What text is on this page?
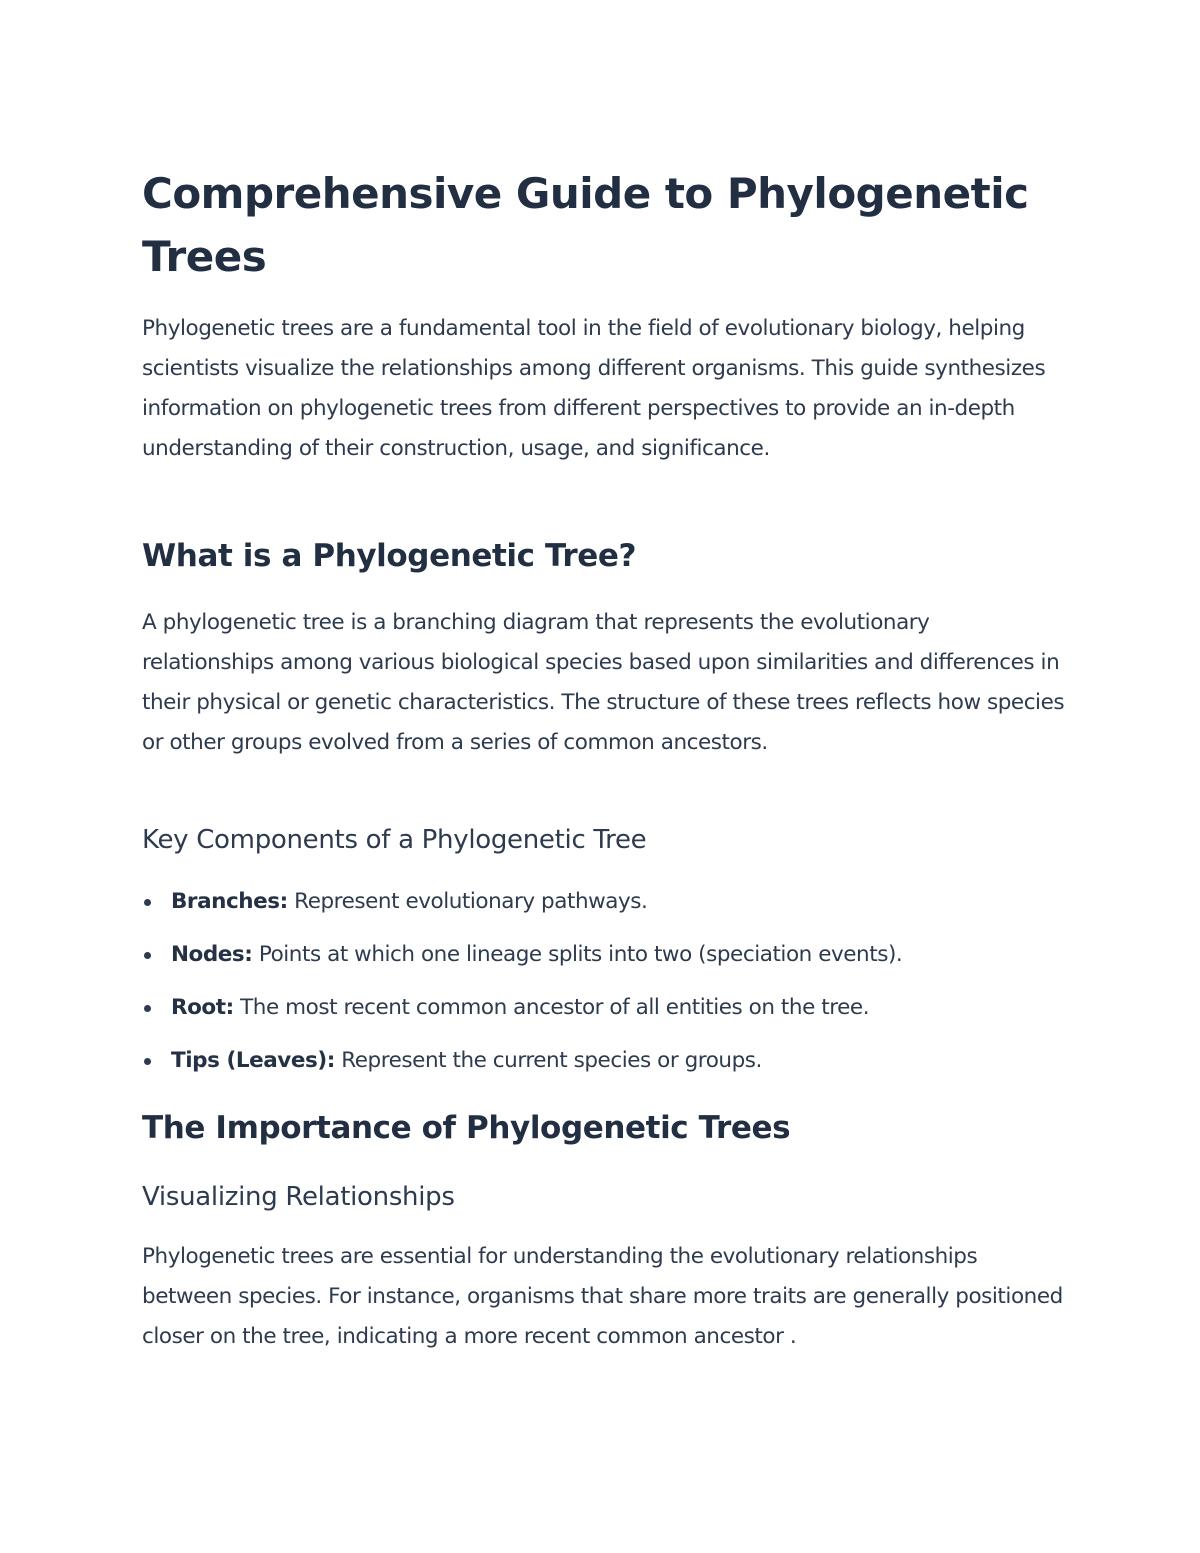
Comprehensive Guide to Phylogenetic Trees

Phylogenetic trees are a fundamental tool in the field of evolutionary biology, helping scientists visualize the relationships among different organisms. This guide synthesizes information on phylogenetic trees from different perspectives to provide an in-depth understanding of their construction, usage, and significance.

What is a Phylogenetic Tree?

A phylogenetic tree is a branching diagram that represents the evolutionary relationships among various biological species based upon similarities and differences in their physical or genetic characteristics. The structure of these trees reflects how species or other groups evolved from a series of common ancestors.

Key Components of a Phylogenetic Tree
Branches: Represent evolutionary pathways.
Nodes: Points at which one lineage splits into two (speciation events).
Root: The most recent common ancestor of all entities on the tree.
Tips (Leaves): Represent the current species or groups.
The Importance of Phylogenetic Trees
Visualizing Relationships

Phylogenetic trees are essential for understanding the evolutionary relationships between species. For instance, organisms that share more traits are generally positioned closer on the tree, indicating a more recent common ancestor .
